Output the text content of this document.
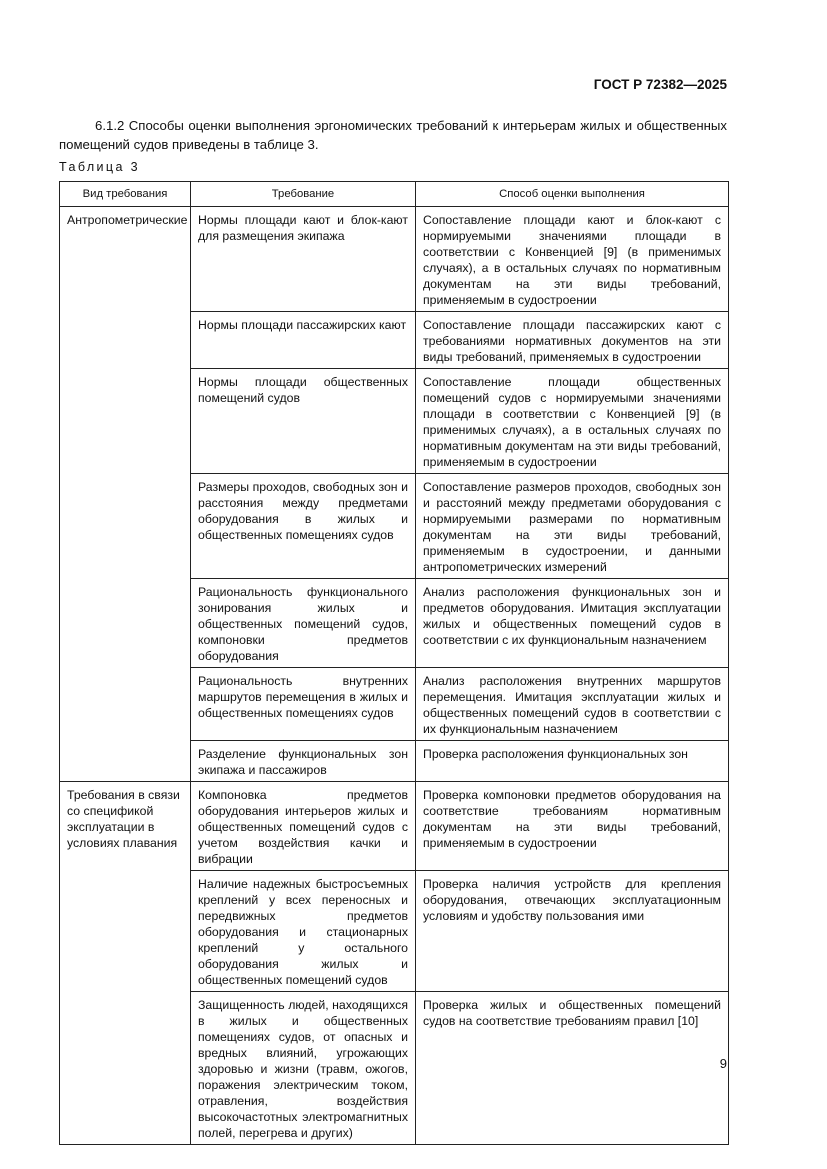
ГОСТ Р 72382—2025
6.1.2 Способы оценки выполнения эргономических требований к интерьерам жилых и общественных помещений судов приведены в таблице 3.
Таблица 3
Вид требования	Требование	Способ оценки выполнения
Антропометрические	Нормы площади кают и блок-кают для размещения экипажа	Сопоставление площади кают и блок-кают с нормируемыми значениями площади в соответствии с Конвенцией [9] (в применимых случаях), а в остальных случаях по нормативным документам на эти виды требований, применяемым в судостроении
	Нормы площади пассажирских кают	Сопоставление площади пассажирских кают с требованиями нормативных документов на эти виды требований, применяемых в судостроении
	Нормы площади общественных помещений судов	Сопоставление площади общественных помещений судов с нормируемыми значениями площади в соответствии с Конвенцией [9] (в применимых случаях), а в остальных случаях по нормативным документам на эти виды требований, применяемым в судостроении
	Размеры проходов, свободных зон и расстояния между предметами оборудования в жилых и общественных помещениях судов	Сопоставление размеров проходов, свободных зон и расстояний между предметами оборудования с нормируемыми размерами по нормативным документам на эти виды требований, применяемым в судостроении, и данными антропометрических измерений
	Рациональность функционального зонирования жилых и общественных помещений судов, компоновки предметов оборудования	Анализ расположения функциональных зон и предметов оборудования. Имитация эксплуатации жилых и общественных помещений судов в соответствии с их функциональным назначением
	Рациональность внутренних маршрутов перемещения в жилых и общественных помещениях судов	Анализ расположения внутренних маршрутов перемещения. Имитация эксплуатации жилых и общественных помещений судов в соответствии с их функциональным назначением
	Разделение функциональных зон экипажа и пассажиров	Проверка расположения функциональных зон
Требования в связи со спецификой эксплуатации в условиях плавания	Компоновка предметов оборудования интерьеров жилых и общественных помещений судов с учетом воздействия качки и вибрации	Проверка компоновки предметов оборудования на соответствие требованиям нормативным документам на эти виды требований, применяемым в судостроении
	Наличие надежных быстросъемных креплений у всех переносных и передвижных предметов оборудования и стационарных креплений у остального оборудования жилых и общественных помещений судов	Проверка наличия устройств для крепления оборудования, отвечающих эксплуатационным условиям и удобству пользования ими
	Защищенность людей, находящихся в жилых и общественных помещениях судов, от опасных и вредных влияний, угрожающих здоровью и жизни (травм, ожогов, поражения электрическим током, отравления, воздействия высокочастотных электромагнитных полей, перегрева и других)	Проверка жилых и общественных помещений судов на соответствие требованиям правил [10]
9
